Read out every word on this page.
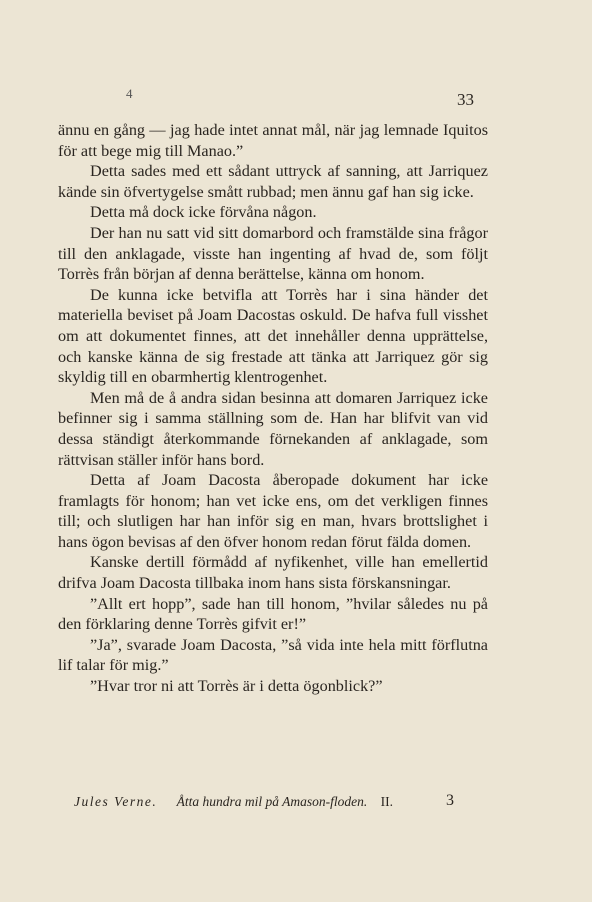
4	33

ännu en gång — jag hade intet annat mål, när jag lemnade Iquitos för att bege mig till Manao.”

Detta sades med ett sådant uttryck af sanning, att Jarriquez kände sin öfvertygelse smått rubbad; men ännu gaf han sig icke.

Detta må dock icke förvåna någon.

Der han nu satt vid sitt domarbord och framstälde sina frågor till den anklagade, visste han ingenting af hvad de, som följt Torrès från början af denna berättelse, känna om honom.

De kunna icke betvifla att Torrès har i sina händer det materiella beviset på Joam Dacostas oskuld. De hafva full visshet om att dokumentet finnes, att det innehåller denna upprättelse, och kanske känna de sig frestade att tänka att Jarriquez gör sig skyldig till en obarmhertig klentrogenhet.

Men må de å andra sidan besinna att domaren Jarriquez icke befinner sig i samma ställning som de. Han har blifvit van vid dessa ständigt återkommande förnekanden af anklagade, som rättvisan ställer inför hans bord.

Detta af Joam Dacosta åberopade dokument har icke framlagts för honom; han vet icke ens, om det verkligen finnes till; och slutligen har han inför sig en man, hvars brottslighet i hans ögon bevisas af den öfver honom redan förut fälda domen.

Kanske dertill förmådd af nyfikenhet, ville han emellertid drifva Joam Dacosta tillbaka inom hans sista förskansningar.

”Allt ert hopp”, sade han till honom, ”hvilar således nu på den förklaring denne Torrès gifvit er!”

”Ja”, svarade Joam Dacosta, ”så vida inte hela mitt förflutna lif talar för mig.”

”Hvar tror ni att Torrès är i detta ögonblick?”

Jules Verne. Åtta hundra mil på Amason-floden. II.	3
